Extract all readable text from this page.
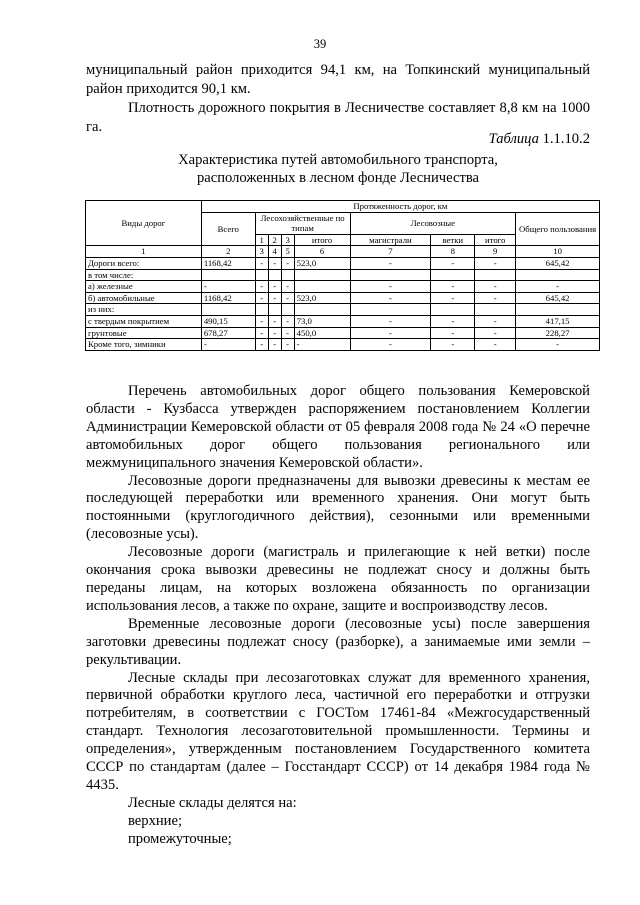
39

муниципальный район приходится 94,1 км, на Топкинский муниципальный район приходится 90,1 км.

Плотность дорожного покрытия в Лесничестве составляет 8,8 км на 1000 га.

Таблица 1.1.10.2
Характеристика путей автомобильного транспорта,
расположенных в лесном фонде Лесничества
Виды дорог	Протяженность дорог, км								
	Всего	Лесохозяйственные по типам				Лесовозные			Общего пользования
		1	2	3	итого	магистрали	ветки	итого	
1	2	3	4	5	6	7	8	9	10
Дороги всего:	1168,42	-	-	-	523,0	-	-	-	645,42
в том числе:									
а) железные	-	-	-	-		-	-	-	-
б) автомобильные	1168,42	-	-	-	523,0	-	-	-	645,42
из них:									
с твердым покрытием	490,15	-	-	-	73,0	-	-	-	417,15
грунтовые	678,27	-	-	-	450,0	-	-	-	228,27
Кроме того, зимники	-	-	-	-	-	-	-	-	-

Перечень автомобильных дорог общего пользования Кемеровской области - Кузбасса утвержден распоряжением постановлением Коллегии Администрации Кемеровской области от 05 февраля 2008 года № 24 «О перечне автомобильных дорог общего пользования регионального или межмуниципального значения Кемеровской области».

Лесовозные дороги предназначены для вывозки древесины к местам ее последующей переработки или временного хранения. Они могут быть постоянными (круглогодичного действия), сезонными или временными (лесовозные усы).

Лесовозные дороги (магистраль и прилегающие к ней ветки) после окончания срока вывозки древесины не подлежат сносу и должны быть переданы лицам, на которых возложена обязанность по организации использования лесов, а также по охране, защите и воспроизводству лесов.

Временные лесовозные дороги (лесовозные усы) после завершения заготовки древесины подлежат сносу (разборке), а занимаемые ими земли – рекультивации.

Лесные склады при лесозаготовках служат для временного хранения, первичной обработки круглого леса, частичной его переработки и отгрузки потребителям, в соответствии с ГОСТом 17461-84 «Межгосударственный стандарт. Технология лесозаготовительной промышленности. Термины и определения», утвержденным постановлением Государственного комитета СССР по стандартам (далее – Госстандарт СССР) от 14 декабря 1984 года № 4435.

Лесные склады делятся на:

верхние;

промежуточные;
